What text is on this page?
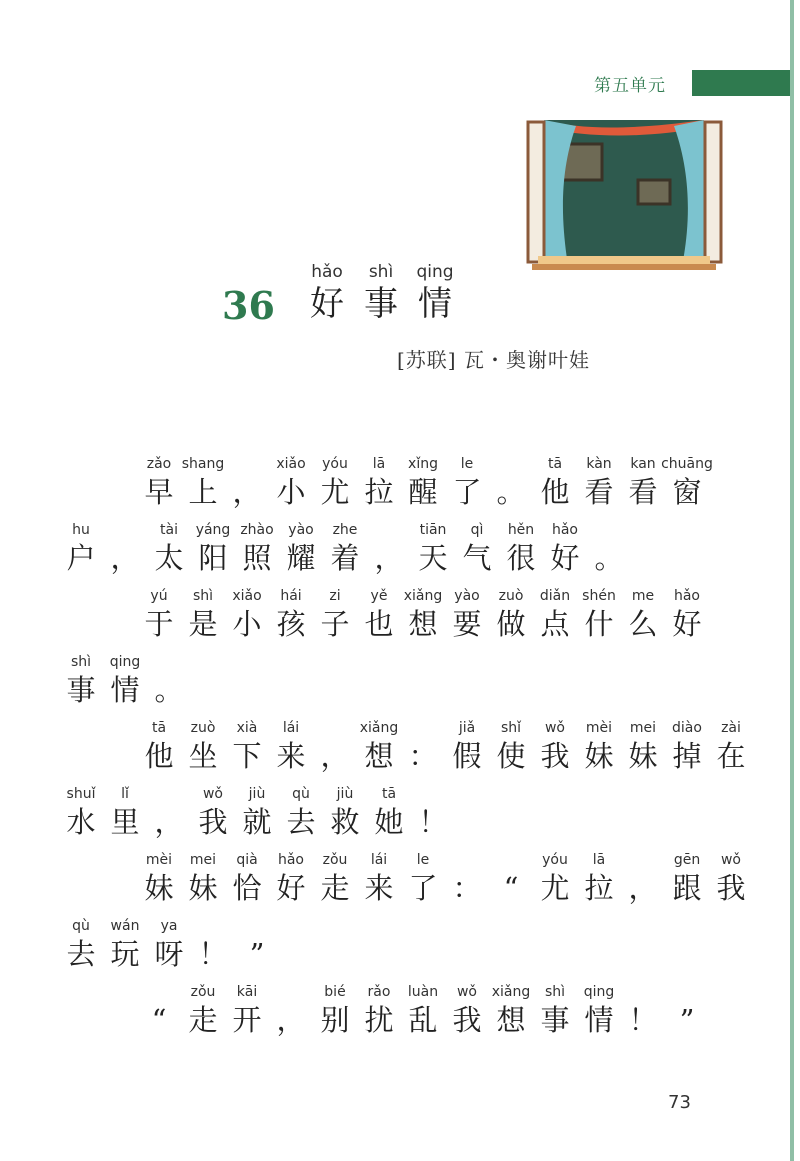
第五单元
36
hǎo
好
shì
事
qing
情
[苏联] 瓦・奥谢叶娃
zǎo
早
shang
上 ，
xiǎo
小
yóu
尤
lā
拉
xǐng
醒
le
了 。
tā
他
kàn
看
kan
看
chuāng
窗
hu
户 ，
tài
太
yáng
阳
zhào
照
yào
耀
zhe
着 ，
tiān
天
qì
气
hěn
很
hǎo
好 。
yú
于
shì
是
xiǎo
小
hái
孩
zi
子
yě
也
xiǎng
想
yào
要
zuò
做
diǎn
点
shén
什
me
么
hǎo
好
shì
事
qing
情 。
tā
他
zuò
坐
xià
下
lái
来 ，
xiǎng
想 ：
jiǎ
假
shǐ
使
wǒ
我
mèi
妹
mei
妹
diào
掉
zài
在
shuǐ
水
lǐ
里 ，
wǒ
我
jiù
就
qù
去
jiù
救
tā
她 ！
mèi
妹
mei
妹
qià
恰
hǎo
好
zǒu
走
lái
来
le
了 ： “
yóu
尤
lā
拉 ，
gēn
跟
wǒ
我
qù
去
wán
玩
ya
呀 ！ ”
“
zǒu
走
kāi
开 ，
bié
别
rǎo
扰
luàn
乱
wǒ
我
xiǎng
想
shì
事
qing
情 ！ ”
73
